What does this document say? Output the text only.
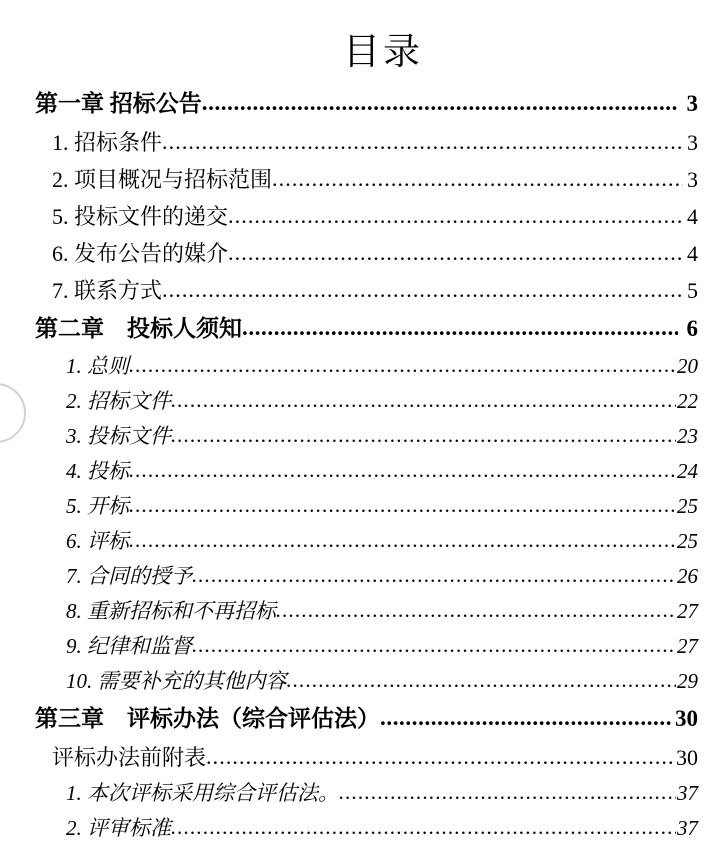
目录
第一章 招标公告 .....	3
1. 招标条件 .....	3
2. 项目概况与招标范围 .....	3
5. 投标文件的递交 .....	4
6. 发布公告的媒介 .....	4
7. 联系方式 .....	5
第二章　投标人须知 .....	6
1. 总则 .....	20
2. 招标文件 .....	22
3. 投标文件 .....	23
4. 投标 .....	24
5. 开标 .....	25
6. 评标 .....	25
7. 合同的授予 .....	26
8. 重新招标和不再招标 .....	27
9. 纪律和监督 .....	27
10. 需要补充的其他内容 .....	29
第三章　评标办法（综合评估法） .....	30
评标办法前附表 .....	30
1. 本次评标采用综合评估法。 .....	37
2. 评审标准 .....	37
